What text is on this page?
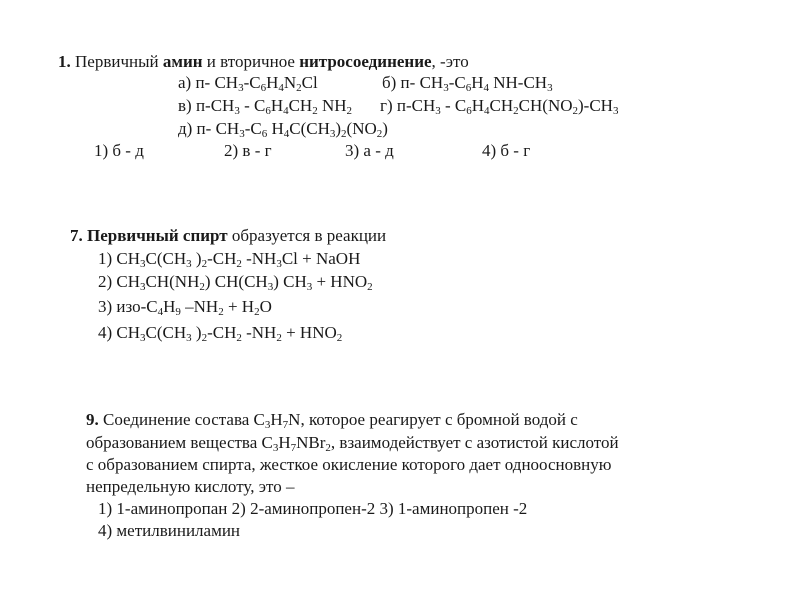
1. Первичный амин и вторичное нитросоединение, -это
а) п- $CH_3-C_6H_4N_2Cl$	б) п- $CH_3-C_6H_4$ $NH-CH_3$
в) $п-CH_3 - C_6H_4CH_2$ $NH_2$ г) $п-CH_3 - C_6H_4CH_2CH(NO_2)-CH_3$
д) п- $CH_3-C_6$ $H_4C(CH_3)_2(NO_2)$
1) б - д	2) в - г	3) а - д	4) б - г
7. Первичный спирт образуется в реакции
1) $CH_3C(CH_3$ )$_2-CH_2$ $-NH_3Cl$ + NaOH
2) $CH_3CH(NH_2)$ $CH(CH_3) CH_3 + HNO_2$
3) изо-$C_4H_9$ $-NH_2 + H_2O$
4) $CH_3C(CH_3$ )$_2-CH_2$ $-NH_2 + HNO_2$
9. Соединение состава $C_3H_7N$, которое реагирует с бромной водой с
образованием вещества $C_3H_7NBr_2$, взаимодействует с азотистой кислотой
с образованием спирта, жесткое окисление которого дает одноосновную
непредельную кислоту, это –
1) 1-аминопропан 2) 2-аминопропен-2 3) 1-аминопропен -2
4) метилвиниламин
